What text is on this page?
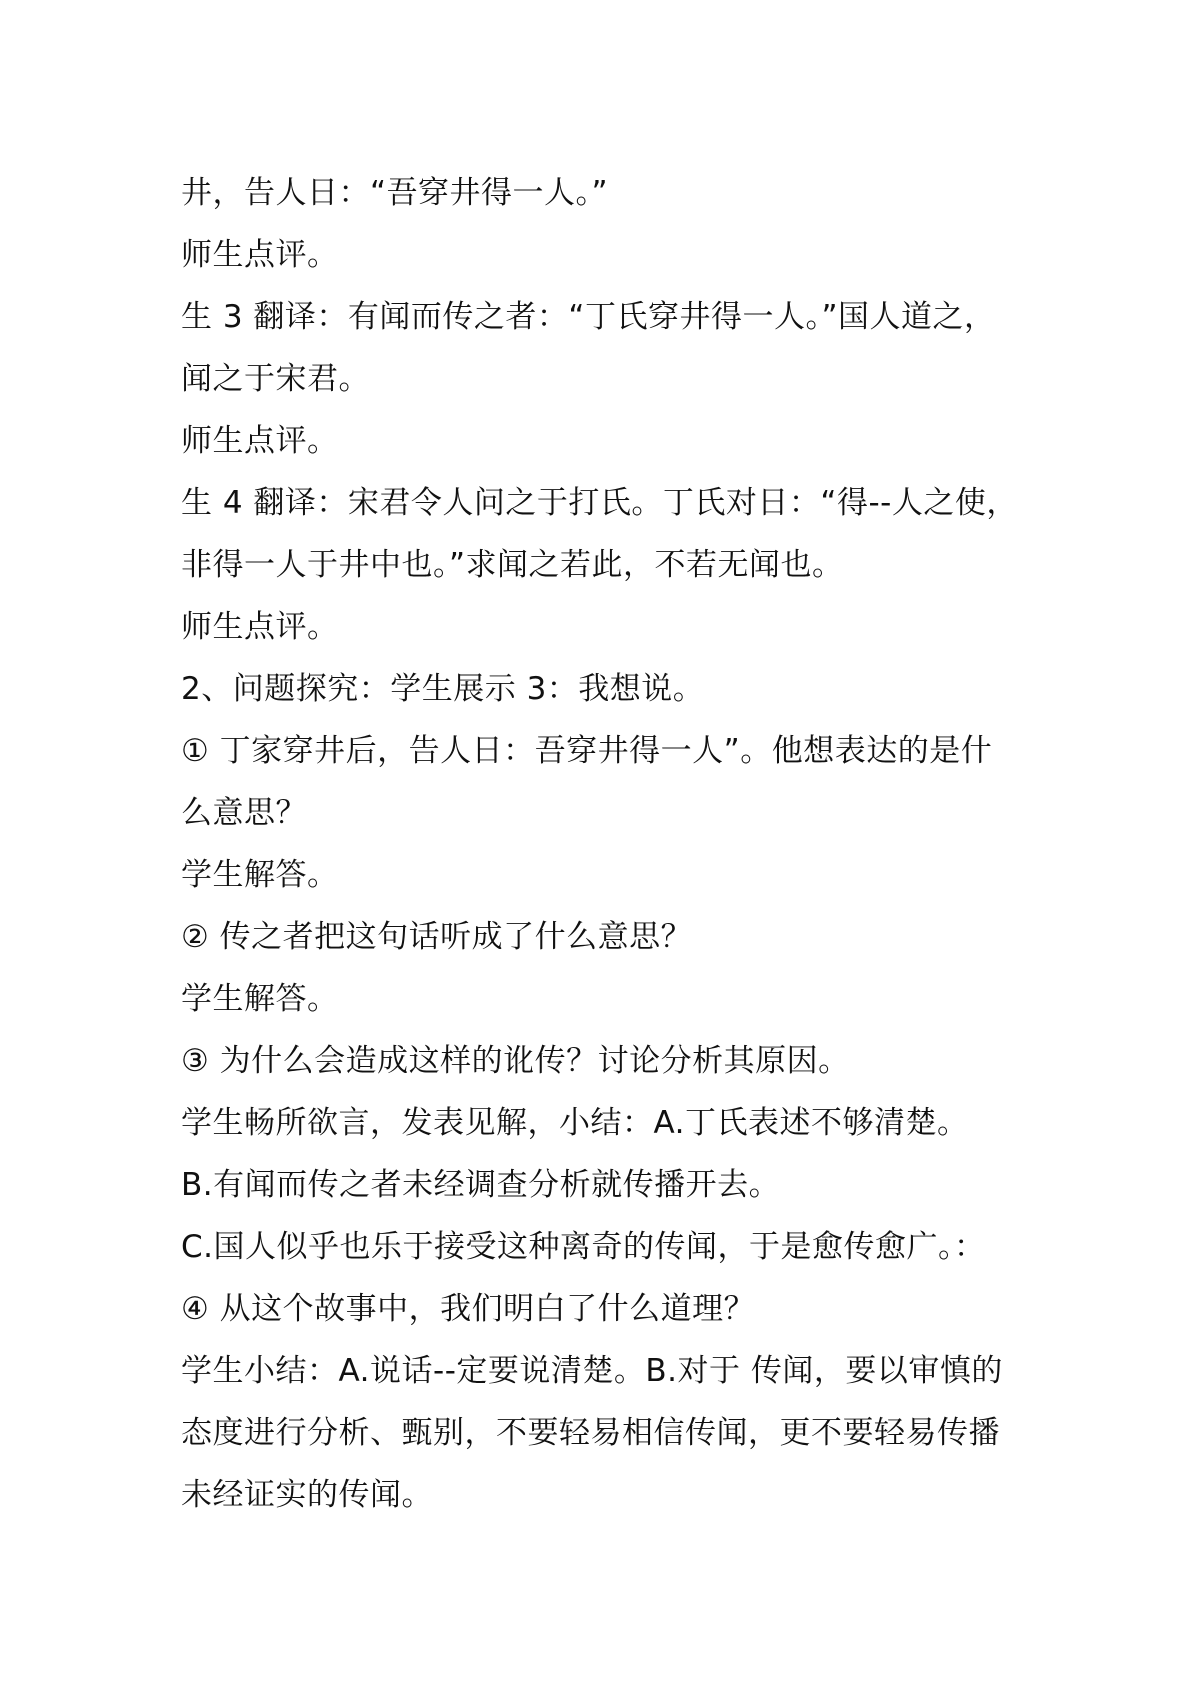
井，告人日：“吾穿井得一人。”
师生点评。
生 3 翻译：有闻而传之者：“丁氏穿井得一人。”国人道之，
闻之于宋君。
师生点评。
生 4 翻译：宋君令人问之于打氏。丁氏对日：“得--人之使，
非得一人于井中也。”求闻之若此，不若无闻也。
师生点评。
2、问题探究：学生展示 3：我想说。
① 丁家穿井后，告人日：吾穿井得一人”。他想表达的是什
么意思？
学生解答。
② 传之者把这句话听成了什么意思？
学生解答。
③ 为什么会造成这样的讹传？讨论分析其原因。
学生畅所欲言，发表见解，小结：A.丁氏表述不够清楚。
B.有闻而传之者未经调查分析就传播开去。
C.国人似乎也乐于接受这种离奇的传闻，于是愈传愈广。：
④ 从这个故事中，我们明白了什么道理？
学生小结：A.说话--定要说清楚。B.对于 传闻，要以审慎的
态度进行分析、甄别，不要轻易相信传闻，更不要轻易传播
未经证实的传闻。
